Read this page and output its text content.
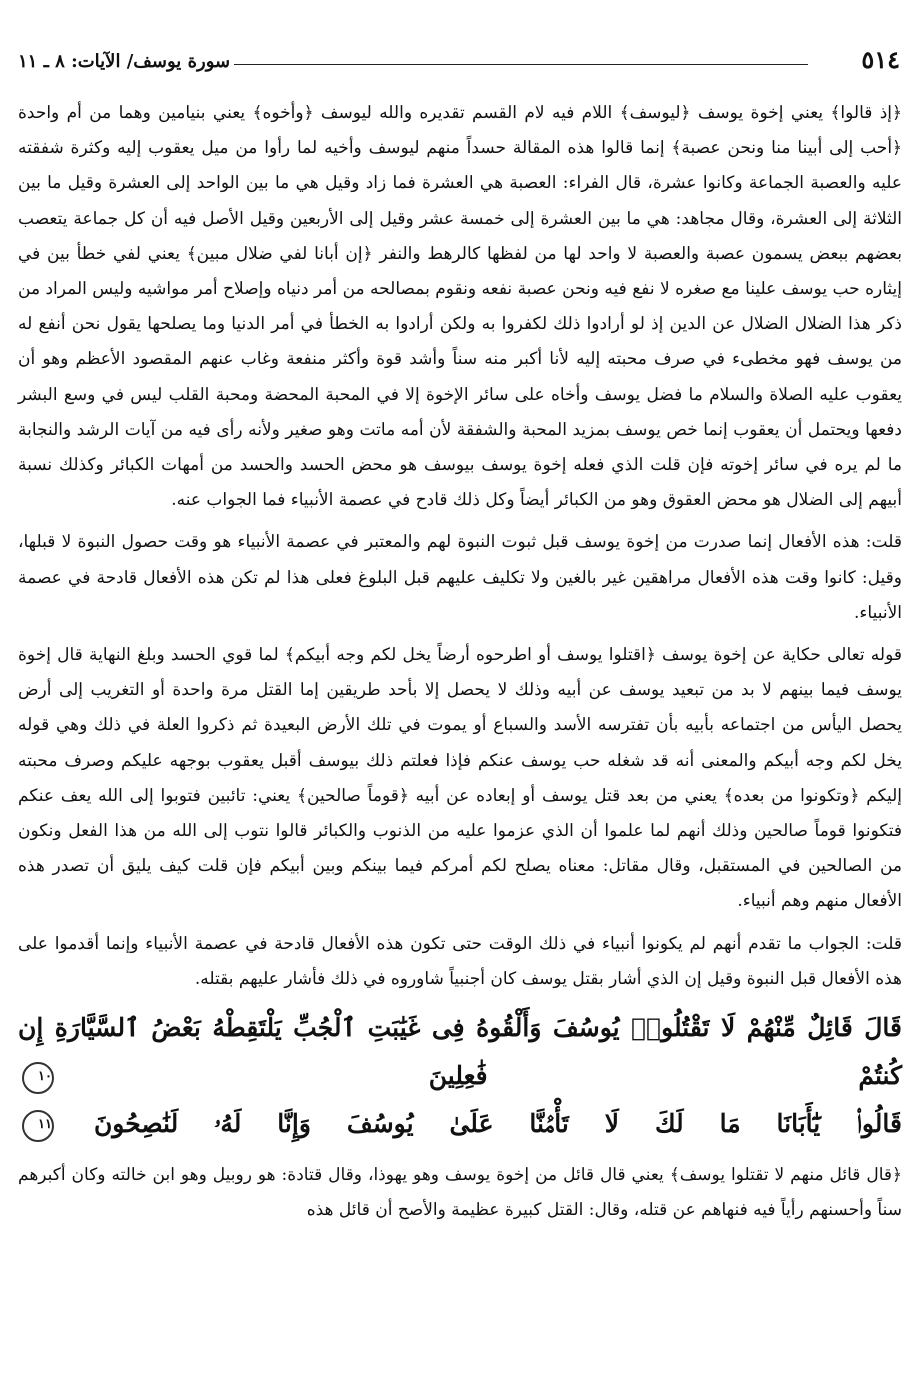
٥١٤
سورة يوسف/ الآيات: ٨ ـ ١١

﴿إذ قالوا﴾ يعني إخوة يوسف ﴿ليوسف﴾ اللام فيه لام القسم تقديره والله ليوسف ﴿وأخوه﴾ يعني بنيامين وهما من أم واحدة ﴿أحب إلى أبينا منا ونحن عصبة﴾ إنما قالوا هذه المقالة حسداً منهم ليوسف وأخيه لما رأوا من ميل يعقوب إليه وكثرة شفقته عليه والعصبة الجماعة وكانوا عشرة، قال الفراء: العصبة هي العشرة فما زاد وقيل هي ما بين الواحد إلى العشرة وقيل ما بين الثلاثة إلى العشرة، وقال مجاهد: هي ما بين العشرة إلى خمسة عشر وقيل إلى الأربعين وقيل الأصل فيه أن كل جماعة يتعصب بعضهم ببعض يسمون عصبة والعصبة لا واحد لها من لفظها كالرهط والنفر ﴿إن أبانا لفي ضلال مبين﴾ يعني لفي خطأ بين في إيثاره حب يوسف علينا مع صغره لا نفع فيه ونحن عصبة نفعه ونقوم بمصالحه من أمر دنياه وإصلاح أمر مواشيه وليس المراد من ذكر هذا الضلال الضلال عن الدين إذ لو أرادوا ذلك لكفروا به ولكن أرادوا به الخطأ في أمر الدنيا وما يصلحها يقول نحن أنفع له من يوسف فهو مخطىء في صرف محبته إليه لأنا أكبر منه سناً وأشد قوة وأكثر منفعة وغاب عنهم المقصود الأعظم وهو أن يعقوب عليه الصلاة والسلام ما فضل يوسف وأخاه على سائر الإخوة إلا في المحبة المحضة ومحبة القلب ليس في وسع البشر دفعها ويحتمل أن يعقوب إنما خص يوسف بمزيد المحبة والشفقة لأن أمه ماتت وهو صغير ولأنه رأى فيه من آيات الرشد والنجابة ما لم يره في سائر إخوته فإن قلت الذي فعله إخوة يوسف بيوسف هو محض الحسد والحسد من أمهات الكبائر وكذلك نسبة أبيهم إلى الضلال هو محض العقوق وهو من الكبائر أيضاً وكل ذلك قادح في عصمة الأنبياء فما الجواب عنه.

قلت: هذه الأفعال إنما صدرت من إخوة يوسف قبل ثبوت النبوة لهم والمعتبر في عصمة الأنبياء هو وقت حصول النبوة لا قبلها، وقيل: كانوا وقت هذه الأفعال مراهقين غير بالغين ولا تكليف عليهم قبل البلوغ فعلى هذا لم تكن هذه الأفعال قادحة في عصمة الأنبياء.

قوله تعالى حكاية عن إخوة يوسف ﴿اقتلوا يوسف أو اطرحوه أرضاً يخل لكم وجه أبيكم﴾ لما قوي الحسد وبلغ النهاية قال إخوة يوسف فيما بينهم لا بد من تبعيد يوسف عن أبيه وذلك لا يحصل إلا بأحد طريقين إما القتل مرة واحدة أو التغريب إلى أرض يحصل اليأس من اجتماعه بأبيه بأن تفترسه الأسد والسباع أو يموت في تلك الأرض البعيدة ثم ذكروا العلة في ذلك وهي قوله يخل لكم وجه أبيكم والمعنى أنه قد شغله حب يوسف عنكم فإذا فعلتم ذلك بيوسف أقبل يعقوب بوجهه عليكم وصرف محبته إليكم ﴿وتكونوا من بعده﴾ يعني من بعد قتل يوسف أو إبعاده عن أبيه ﴿قوماً صالحين﴾ يعني: تائبين فتوبوا إلى الله يعف عنكم فتكونوا قوماً صالحين وذلك أنهم لما علموا أن الذي عزموا عليه من الذنوب والكبائر قالوا نتوب إلى الله من هذا الفعل ونكون من الصالحين في المستقبل، وقال مقاتل: معناه يصلح لكم أمركم فيما بينكم وبين أبيكم فإن قلت كيف يليق أن تصدر هذه الأفعال منهم وهم أنبياء.

قلت: الجواب ما تقدم أنهم لم يكونوا أنبياء في ذلك الوقت حتى تكون هذه الأفعال قادحة في عصمة الأنبياء وإنما أقدموا على هذه الأفعال قبل النبوة وقيل إن الذي أشار بقتل يوسف كان أجنبياً شاوروه في ذلك فأشار عليهم بقتله.

قَالَ قَائِلٌ مِّنْهُمْ لَا تَقْتُلُوا۟ يُوسُفَ وَأَلْقُوهُ فِى غَيَٰبَتِ ٱلْجُبِّ يَلْتَقِطْهُ بَعْضُ ٱلسَّيَّارَةِ إِن كُنتُمْ فَٰعِلِينَ ١٠
قَالُوا۟ يَٰٓأَبَانَا مَا لَكَ لَا تَأْمَ۫نَّا عَلَىٰ يُوسُفَ وَإِنَّا لَهُۥ لَنَٰصِحُونَ ١١

﴿قال قائل منهم لا تقتلوا يوسف﴾ يعني قال قائل من إخوة يوسف وهو يهوذا، وقال قتادة: هو روبيل وهو ابن خالته وكان أكبرهم سناً وأحسنهم رأياً فيه فنهاهم عن قتله، وقال: القتل كبيرة عظيمة والأصح أن قائل هذه
